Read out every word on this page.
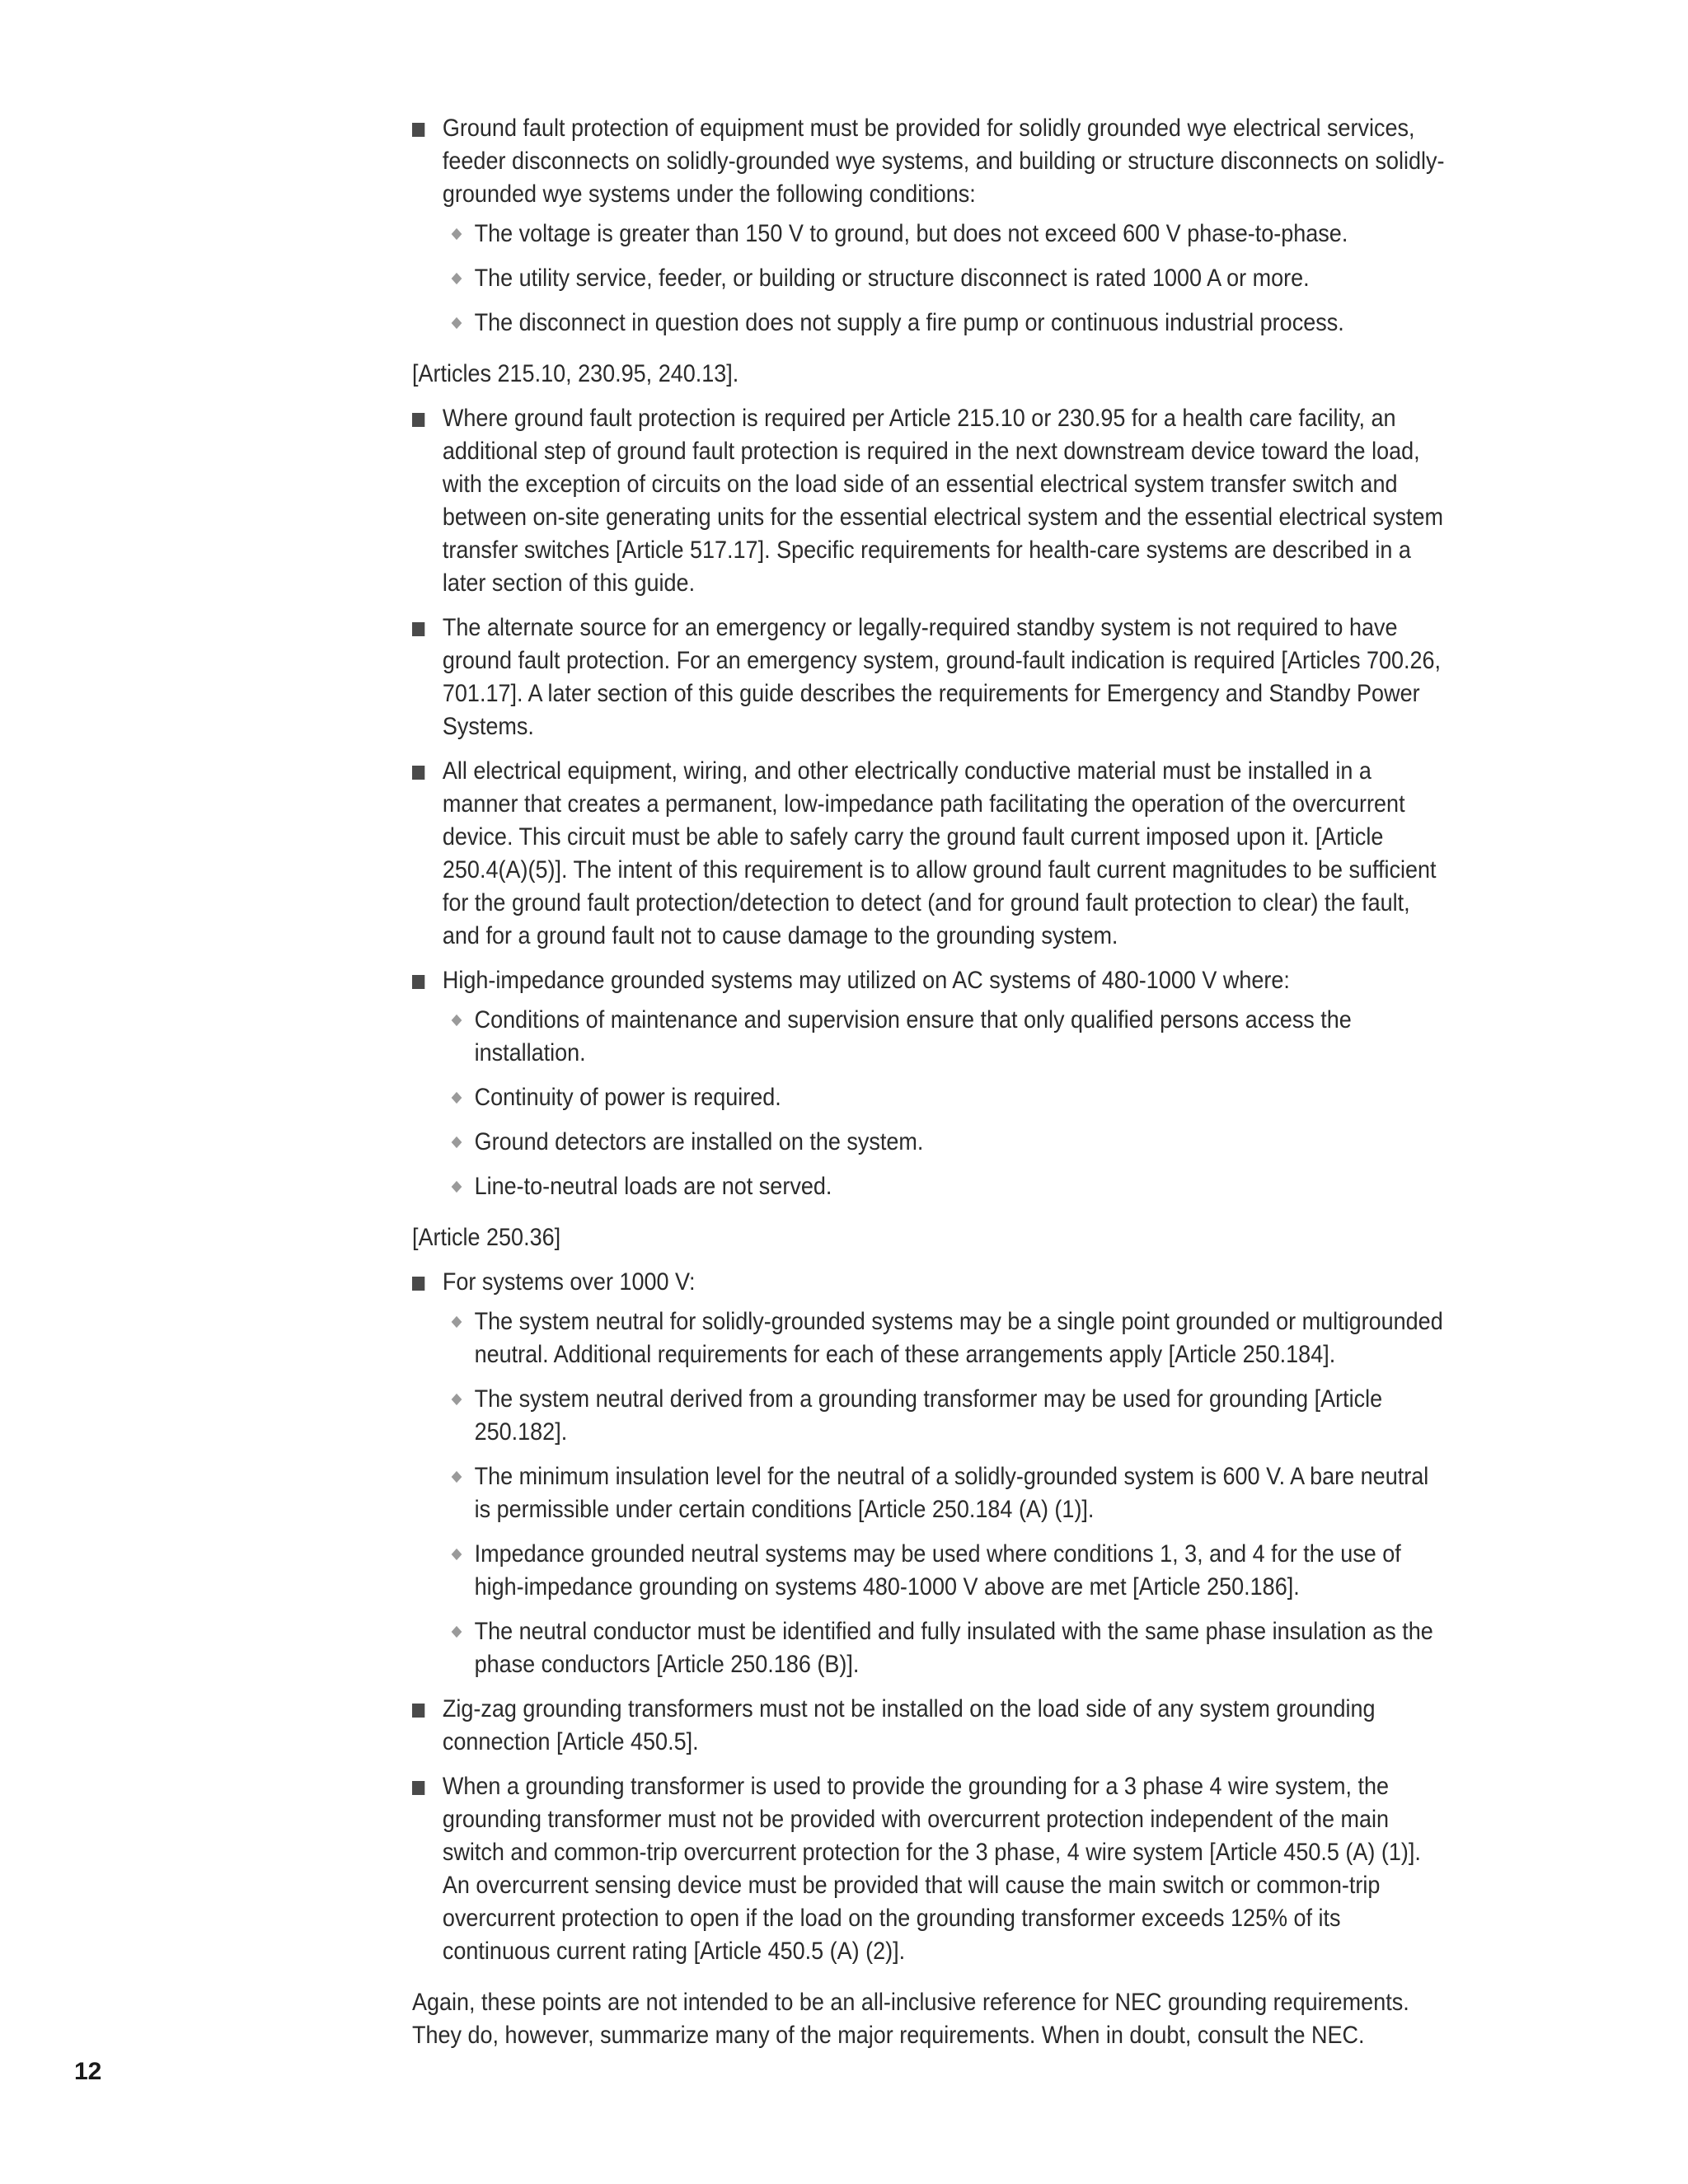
Ground fault protection of equipment must be provided for solidly grounded wye electrical services, feeder disconnects on solidly-grounded wye systems, and building or structure disconnects on solidly-grounded wye systems under the following conditions:
The voltage is greater than 150 V to ground, but does not exceed 600 V phase-to-phase.
The utility service, feeder, or building or structure disconnect is rated 1000 A or more.
The disconnect in question does not supply a fire pump or continuous industrial process.
[Articles 215.10, 230.95, 240.13].
Where ground fault protection is required per Article 215.10 or 230.95 for a health care facility, an additional step of ground fault protection is required in the next downstream device toward the load, with the exception of circuits on the load side of an essential electrical system transfer switch and between on-site generating units for the essential electrical system and the essential electrical system transfer switches [Article 517.17]. Specific requirements for health-care systems are described in a later section of this guide.
The alternate source for an emergency or legally-required standby system is not required to have ground fault protection. For an emergency system, ground-fault indication is required [Articles 700.26, 701.17]. A later section of this guide describes the requirements for Emergency and Standby Power Systems.
All electrical equipment, wiring, and other electrically conductive material must be installed in a manner that creates a permanent, low-impedance path facilitating the operation of the overcurrent device. This circuit must be able to safely carry the ground fault current imposed upon it. [Article 250.4(A)(5)]. The intent of this requirement is to allow ground fault current magnitudes to be sufficient for the ground fault protection/detection to detect (and for ground fault protection to clear) the fault, and for a ground fault not to cause damage to the grounding system.
High-impedance grounded systems may utilized on AC systems of 480-1000 V where:
Conditions of maintenance and supervision ensure that only qualified persons access the installation.
Continuity of power is required.
Ground detectors are installed on the system.
Line-to-neutral loads are not served.
[Article 250.36]
For systems over 1000 V:
The system neutral for solidly-grounded systems may be a single point grounded or multigrounded neutral. Additional requirements for each of these arrangements apply [Article 250.184].
The system neutral derived from a grounding transformer may be used for grounding [Article 250.182].
The minimum insulation level for the neutral of a solidly-grounded system is 600 V. A bare neutral is permissible under certain conditions [Article 250.184 (A) (1)].
Impedance grounded neutral systems may be used where conditions 1, 3, and 4 for the use of high-impedance grounding on systems 480-1000 V above are met [Article 250.186].
The neutral conductor must be identified and fully insulated with the same phase insulation as the phase conductors [Article 250.186 (B)].
Zig-zag grounding transformers must not be installed on the load side of any system grounding connection [Article 450.5].
When a grounding transformer is used to provide the grounding for a 3 phase 4 wire system, the grounding transformer must not be provided with overcurrent protection independent of the main switch and common-trip overcurrent protection for the 3 phase, 4 wire system [Article 450.5 (A) (1)]. An overcurrent sensing device must be provided that will cause the main switch or common-trip overcurrent protection to open if the load on the grounding transformer exceeds 125% of its continuous current rating [Article 450.5 (A) (2)].
Again, these points are not intended to be an all-inclusive reference for NEC grounding requirements. They do, however, summarize many of the major requirements. When in doubt, consult the NEC.
12
